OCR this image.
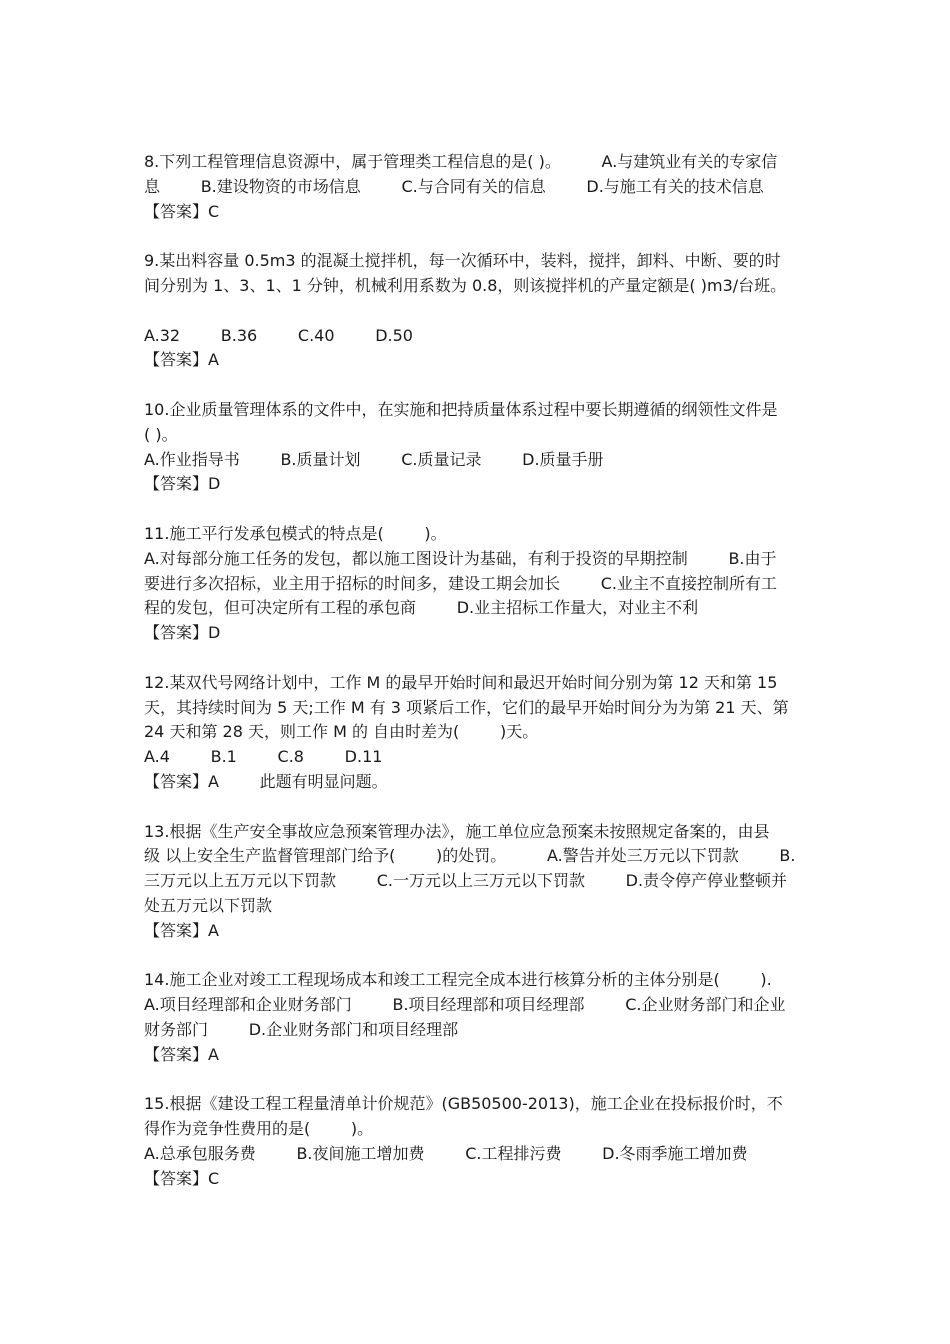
8.下列工程管理信息资源中，属于管理类工程信息的是( )。        A.与建筑业有关的专家信
息        B.建设物资的市场信息        C.与合同有关的信息        D.与施工有关的技术信息
【答案】C
9.某出料容量 0.5m3 的混凝土搅拌机，每一次循环中，装料，搅拌，卸料、中断、要的时
间分别为 1、3、1、1 分钟，机械利用系数为 0.8，则该搅拌机的产量定额是( )m3/台班。
A.32        B.36        C.40        D.50
【答案】A
10.企业质量管理体系的文件中，在实施和把持质量体系过程中要长期遵循的纲领性文件是
( )。
A.作业指导书        B.质量计划        C.质量记录        D.质量手册
【答案】D
11.施工平行发承包模式的特点是(        )。
A.对每部分施工任务的发包，都以施工图设计为基础，有利于投资的早期控制        B.由于
要进行多次招标，业主用于招标的时间多，建设工期会加长        C.业主不直接控制所有工
程的发包，但可决定所有工程的承包商        D.业主招标工作量大，对业主不利
【答案】D
12.某双代号网络计划中，工作 M 的最早开始时间和最迟开始时间分别为第 12 天和第 15
天，其持续时间为 5 天;工作 M 有 3 项紧后工作，它们的最早开始时间分为为第 21 天、第
24 天和第 28 天，则工作 M 的 自由时差为(        )天。
A.4        B.1        C.8        D.11
【答案】A        此题有明显问题。
13.根据《生产安全事故应急预案管理办法》，施工单位应急预案未按照规定备案的，由县
级 以上安全生产监督管理部门给予(        )的处罚。        A.警告并处三万元以下罚款        B.
三万元以上五万元以下罚款        C.一万元以上三万元以下罚款        D.责令停产停业整顿并
处五万元以下罚款
【答案】A
14.施工企业对竣工工程现场成本和竣工工程完全成本进行核算分析的主体分别是(        ).
A.项目经理部和企业财务部门        B.项目经理部和项目经理部        C.企业财务部门和企业
财务部门        D.企业财务部门和项目经理部
【答案】A
15.根据《建设工程工程量清单计价规范》(GB50500-2013)，施工企业在投标报价时，不
得作为竞争性费用的是(        )。
A.总承包服务费        B.夜间施工增加费        C.工程排污费        D.冬雨季施工增加费
【答案】C
